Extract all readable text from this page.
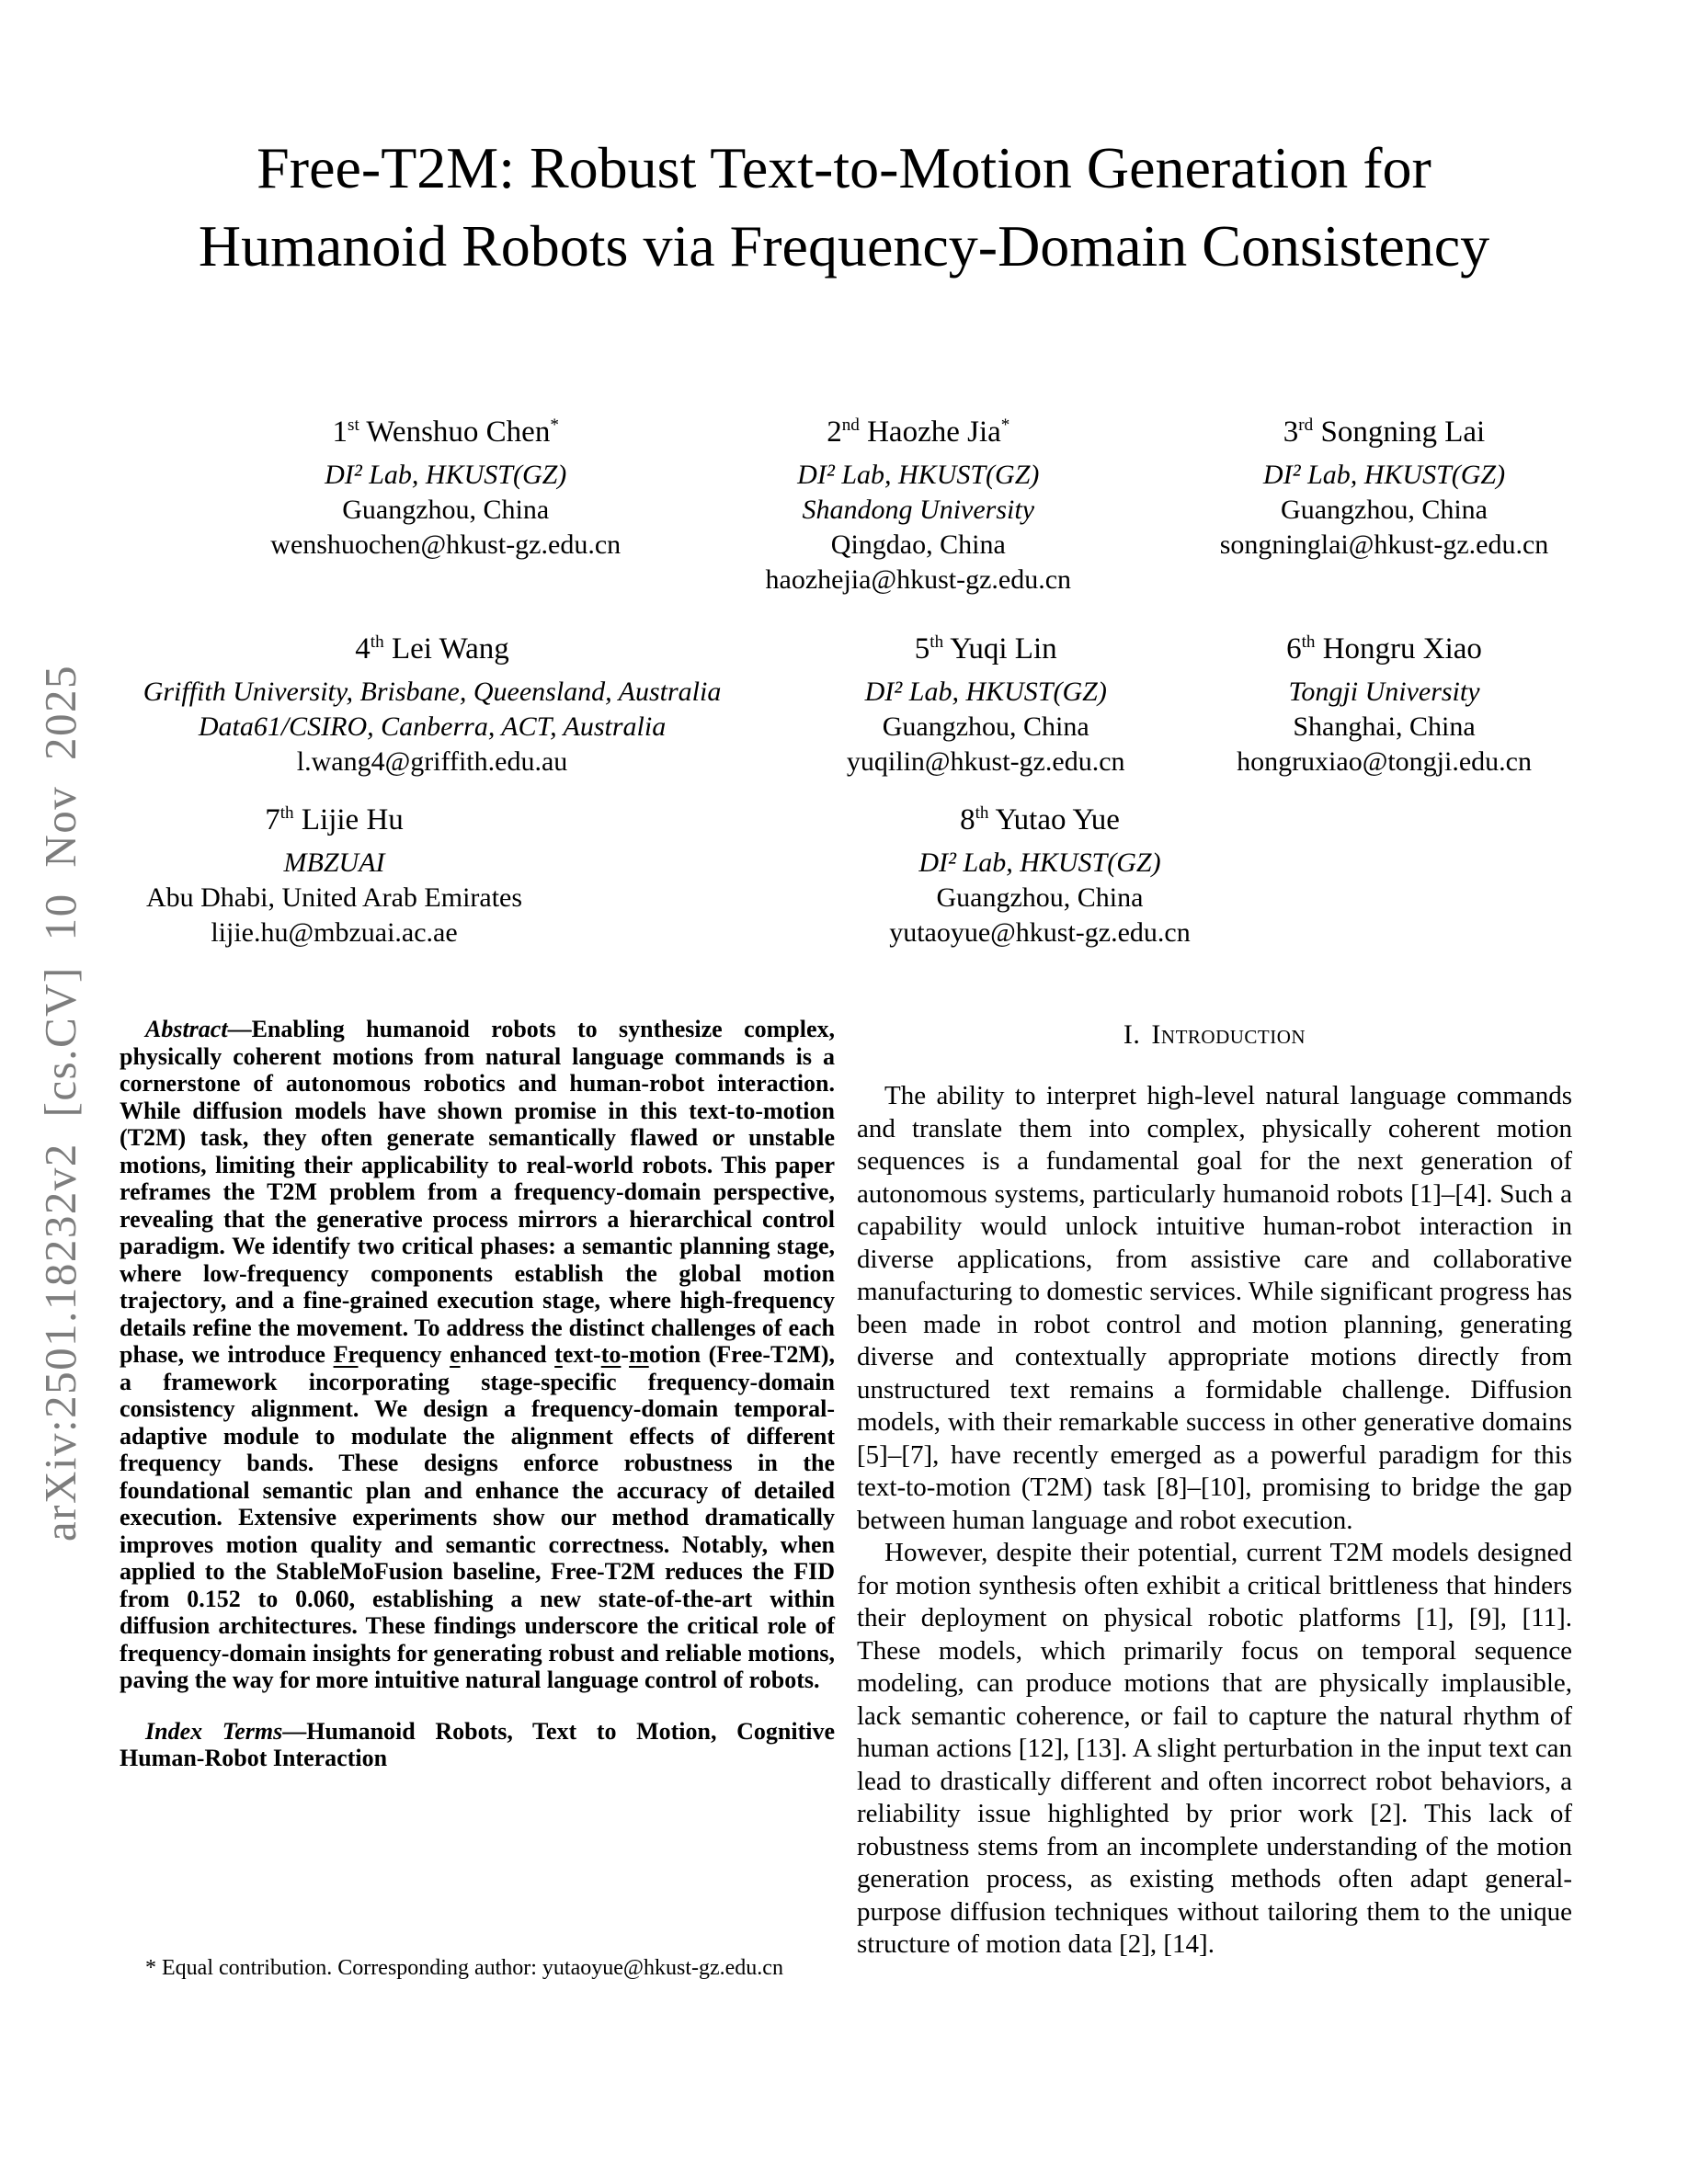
arXiv:2501.18232v2 [cs.CV] 10 Nov 2025
Free-T2M: Robust Text-to-Motion Generation for Humanoid Robots via Frequency-Domain Consistency
1st Wenshuo Chen*
DI² Lab, HKUST(GZ)
Guangzhou, China
wenshuochen@hkust-gz.edu.cn
2nd Haozhe Jia*
DI² Lab, HKUST(GZ)
Shandong University
Qingdao, China
haozhejia@hkust-gz.edu.cn
3rd Songning Lai
DI² Lab, HKUST(GZ)
Guangzhou, China
songninglai@hkust-gz.edu.cn
4th Lei Wang
Griffith University, Brisbane, Queensland, Australia
Data61/CSIRO, Canberra, ACT, Australia
l.wang4@griffith.edu.au
5th Yuqi Lin
DI² Lab, HKUST(GZ)
Guangzhou, China
yuqilin@hkust-gz.edu.cn
6th Hongru Xiao
Tongji University
Shanghai, China
hongruxiao@tongji.edu.cn
7th Lijie Hu
MBZUAI
Abu Dhabi, United Arab Emirates
lijie.hu@mbzuai.ac.ae
8th Yutao Yue
DI² Lab, HKUST(GZ)
Guangzhou, China
yutaoyue@hkust-gz.edu.cn

Abstract—Enabling humanoid robots to synthesize complex, physically coherent motions from natural language commands is a cornerstone of autonomous robotics and human-robot interaction. While diffusion models have shown promise in this text-to-motion (T2M) task, they often generate semantically flawed or unstable motions, limiting their applicability to real-world robots. This paper reframes the T2M problem from a frequency-domain perspective, revealing that the generative process mirrors a hierarchical control paradigm. We identify two critical phases: a semantic planning stage, where low-frequency components establish the global motion trajectory, and a fine-grained execution stage, where high-frequency details refine the movement. To address the distinct challenges of each phase, we introduce Frequency enhanced text-to-motion (Free-T2M), a framework incorporating stage-specific frequency-domain consistency alignment. We design a frequency-domain temporal-adaptive module to modulate the alignment effects of different frequency bands. These designs enforce robustness in the foundational semantic plan and enhance the accuracy of detailed execution. Extensive experiments show our method dramatically improves motion quality and semantic correctness. Notably, when applied to the StableMoFusion baseline, Free-T2M reduces the FID from 0.152 to 0.060, establishing a new state-of-the-art within diffusion architectures. These findings underscore the critical role of frequency-domain insights for generating robust and reliable motions, paving the way for more intuitive natural language control of robots.

Index Terms—Humanoid Robots, Text to Motion, Cognitive Human-Robot Interaction

I. Introduction

The ability to interpret high-level natural language commands and translate them into complex, physically coherent motion sequences is a fundamental goal for the next generation of autonomous systems, particularly humanoid robots [1]–[4]. Such a capability would unlock intuitive human-robot interaction in diverse applications, from assistive care and collaborative manufacturing to domestic services. While significant progress has been made in robot control and motion planning, generating diverse and contextually appropriate motions directly from unstructured text remains a formidable challenge. Diffusion models, with their remarkable success in other generative domains [5]–[7], have recently emerged as a powerful paradigm for this text-to-motion (T2M) task [8]–[10], promising to bridge the gap between human language and robot execution.

However, despite their potential, current T2M models designed for motion synthesis often exhibit a critical brittleness that hinders their deployment on physical robotic platforms [1], [9], [11]. These models, which primarily focus on temporal sequence modeling, can produce motions that are physically implausible, lack semantic coherence, or fail to capture the natural rhythm of human actions [12], [13]. A slight perturbation in the input text can lead to drastically different and often incorrect robot behaviors, a reliability issue highlighted by prior work [2]. This lack of robustness stems from an incomplete understanding of the motion generation process, as existing methods often adapt general-purpose diffusion techniques without tailoring them to the unique structure of motion data [2], [14].

* Equal contribution. Corresponding author: yutaoyue@hkust-gz.edu.cn
